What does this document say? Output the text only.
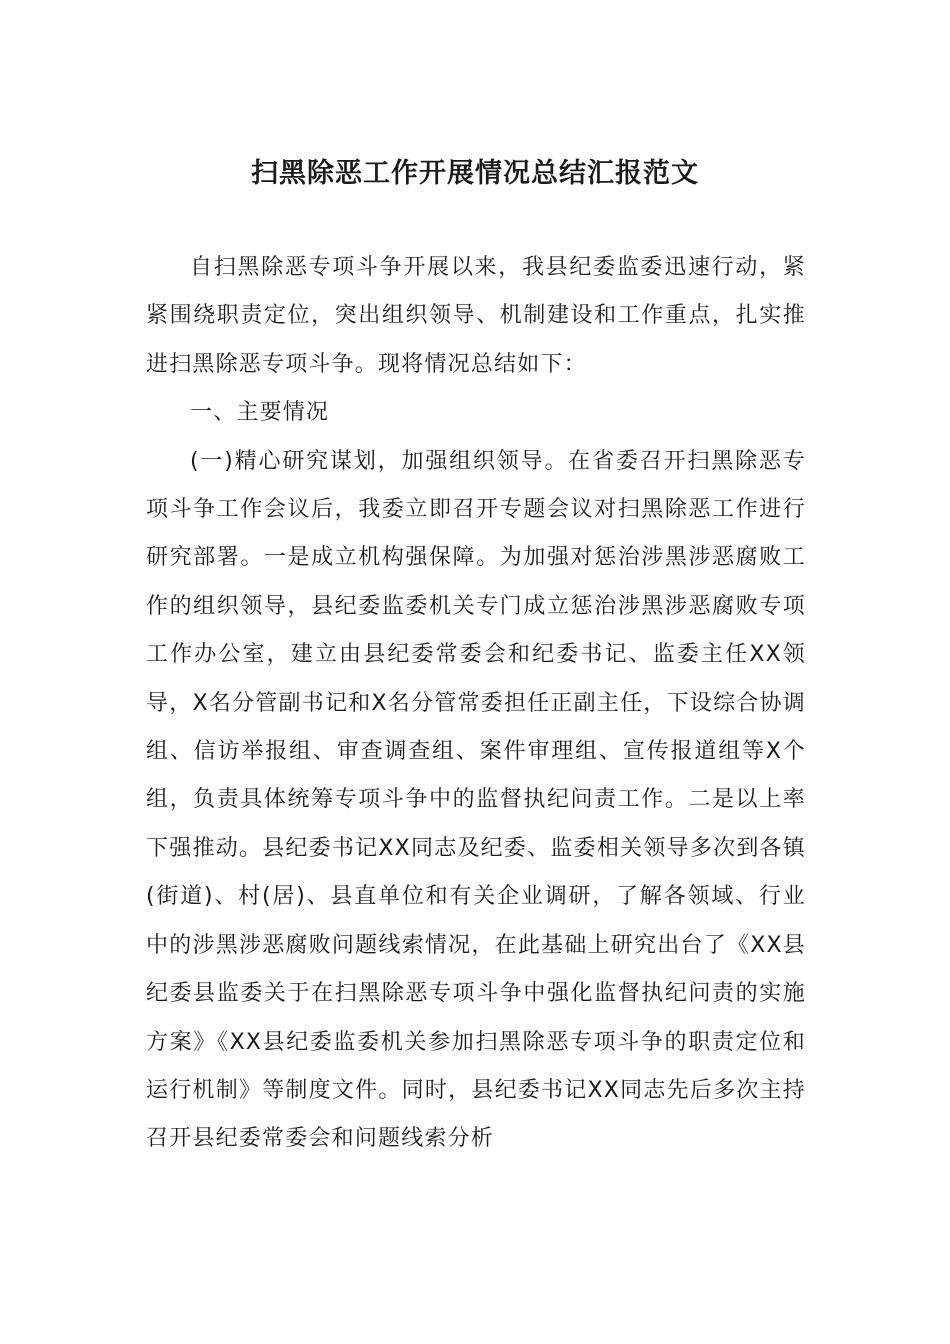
扫黑除恶工作开展情况总结汇报范文

自扫黑除恶专项斗争开展以来，我县纪委监委迅速行动，紧紧围绕职责定位，突出组织领导、机制建设和工作重点，扎实推进扫黑除恶专项斗争。现将情况总结如下：

一、主要情况

(一)精心研究谋划，加强组织领导。在省委召开扫黑除恶专项斗争工作会议后，我委立即召开专题会议对扫黑除恶工作进行研究部署。一是成立机构强保障。为加强对惩治涉黑涉恶腐败工作的组织领导，县纪委监委机关专门成立惩治涉黑涉恶腐败专项工作办公室，建立由县纪委常委会和纪委书记、监委主任XX领导，X名分管副书记和X名分管常委担任正副主任，下设综合协调组、信访举报组、审查调查组、案件审理组、宣传报道组等X个组，负责具体统筹专项斗争中的监督执纪问责工作。二是以上率下强推动。县纪委书记XX同志及纪委、监委相关领导多次到各镇(街道)、村(居)、县直单位和有关企业调研，了解各领域、行业中的涉黑涉恶腐败问题线索情况，在此基础上研究出台了《XX县纪委县监委关于在扫黑除恶专项斗争中强化监督执纪问责的实施方案》《XX县纪委监委机关参加扫黑除恶专项斗争的职责定位和运行机制》等制度文件。同时，县纪委书记XX同志先后多次主持召开县纪委常委会和问题线索分析
